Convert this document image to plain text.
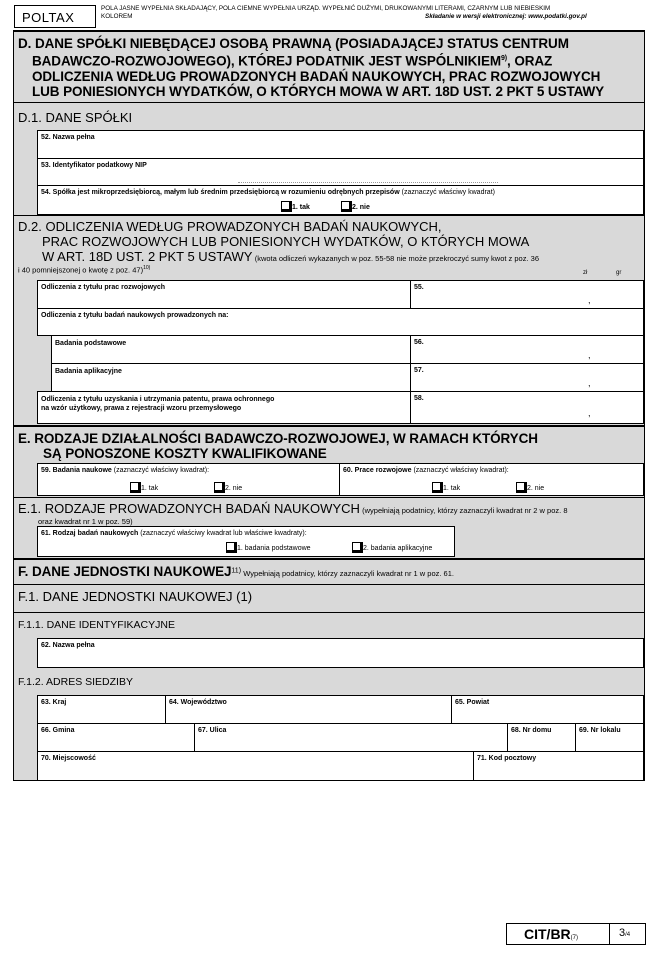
POLTAX
POLA JASNE WYPEŁNIA SKŁADAJĄCY, POLA CIEMNE WYPEŁNIA URZĄD. WYPEŁNIĆ DUŻYMI, DRUKOWANYMI LITERAMI, CZARNYM LUB NIEBIESKIM
KOLOREM	Składanie w wersji elektronicznej: www.podatki.gov.pl
D. DANE SPÓŁKI NIEBĘDĄCEJ OSOBĄ PRAWNĄ (POSIADAJĄCEJ STATUS CENTRUM
BADAWCZO-ROZWOJOWEGO), KTÓREJ PODATNIK JEST WSPÓLNIKIEM$^{9)}$, ORAZ
ODLICZENIA WEDŁUG PROWADZONYCH BADAŃ NAUKOWYCH, PRAC ROZWOJOWYCH
LUB PONIESIONYCH WYDATKÓW, O KTÓRYCH MOWA W ART. 18D UST. 2 PKT 5 USTAWY
D.1. DANE SPÓŁKI
52. Nazwa pełna
53. Identyfikator podatkowy NIP
54. Spółka jest mikroprzedsiębiorcą, małym lub średnim przedsiębiorcą w rozumieniu odrębnych przepisów (zaznaczyć właściwy kwadrat)
1. tak	2. nie
D.2. ODLICZENIA WEDŁUG PROWADZONYCH BADAŃ NAUKOWYCH,
PRAC ROZWOJOWYCH LUB PONIESIONYCH WYDATKÓW, O KTÓRYCH MOWA
W ART. 18D UST. 2 PKT 5 USTAWY (kwota odliczeń wykazanych w poz. 55-58 nie może przekroczyć sumy kwot z poz. 36
i 40 pomniejszonej o kwotę z poz. 47)$^{10)}$
zł	gr
Odliczenia z tytułu prac rozwojowych	55.
,
Odliczenia z tytułu badań naukowych prowadzonych na:
Badania podstawowe	56.
,
Badania aplikacyjne	57.
,
Odliczenia z tytułu uzyskania i utrzymania patentu, prawa ochronnego
na wzór użytkowy, prawa z rejestracji wzoru przemysłowego
58.
,
E. RODZAJE DZIAŁALNOŚCI BADAWCZO-ROZWOJOWEJ, W RAMACH KTÓRYCH
SĄ PONOSZONE KOSZTY KWALIFIKOWANE
59. Badania naukowe (zaznaczyć właściwy kwadrat):
1. tak	2. nie
60. Prace rozwojowe (zaznaczyć właściwy kwadrat):
1. tak	2. nie
E.1. RODZAJE PROWADZONYCH BADAŃ NAUKOWYCH (wypełniają podatnicy, którzy zaznaczyli kwadrat nr 2 w poz. 8
oraz kwadrat nr 1 w poz. 59)
61. Rodzaj badań naukowych (zaznaczyć właściwy kwadrat lub właściwe kwadraty):
1. badania podstawowe	2. badania aplikacyjne
F. DANE JEDNOSTKI NAUKOWEJ$^{11)}$ Wypełniają podatnicy, którzy zaznaczyli kwadrat nr 1 w poz. 61.
F.1. DANE JEDNOSTKI NAUKOWEJ (1)
F.1.1. DANE IDENTYFIKACYJNE
62. Nazwa pełna
F.1.2. ADRES SIEDZIBY
63. Kraj	64. Województwo	65. Powiat
66. Gmina	67. Ulica	68. Nr domu	69. Nr lokalu
70. Miejscowość	71. Kod pocztowy
CIT/BR(7)	3/4
